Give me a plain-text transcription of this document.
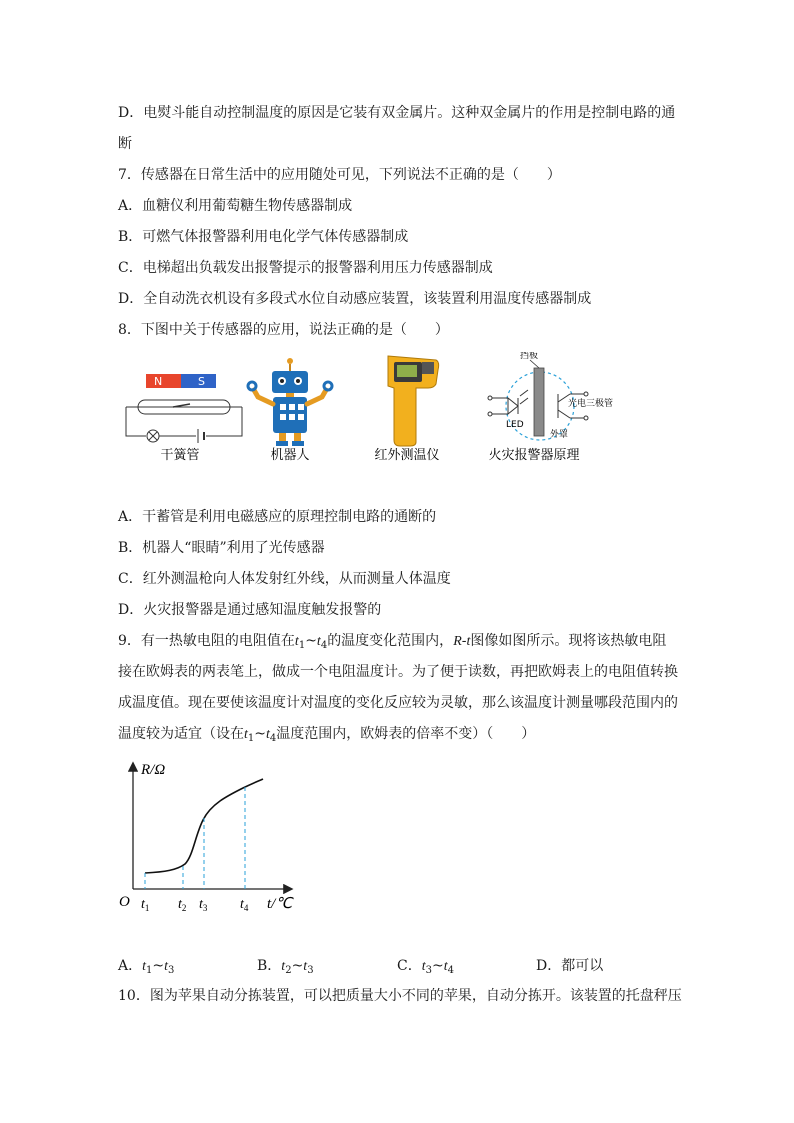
D．电熨斗能自动控制温度的原因是它装有双金属片。这种双金属片的作用是控制电路的通
断
7．传感器在日常生活中的应用随处可见，下列说法不正确的是（　　）
A．血糖仪利用葡萄糖生物传感器制成
B．可燃气体报警器利用电化学气体传感器制成
C．电梯超出负载发出报警提示的报警器利用压力传感器制成
D．全自动洗衣机设有多段式水位自动感应装置，该装置利用温度传感器制成
8．下图中关于传感器的应用，说法正确的是（　　）
N	S
干簧管	机器人	红外测温仪
挡板
LED
光电三极管
外罩
火灾报警器原理
A．干蓄管是利用电磁感应的原理控制电路的通断的
B．机器人“眼睛”利用了光传感器
C．红外测温枪向人体发射红外线，从而测量人体温度
D．火灾报警器是通过感知温度触发报警的
9．有一热敏电阻的电阻值在$t_1\sim t_4$的温度变化范围内，R-t图像如图所示。现将该热敏电阻
接在欧姆表的两表笔上，做成一个电阻温度计。为了便于读数，再把欧姆表上的电阻值转换
成温度值。现在要使该温度计对温度的变化反应较为灵敏，那么该温度计测量哪段范围内的
温度较为适宜（设在$t_1\sim t_4$温度范围内，欧姆表的倍率不变）（　　）
R/Ω
t/℃
O $t_1$ $t_2$ $t_3$ $t_4$
A．$t_1\sim t_3$	B．$t_2\sim t_3$	C．$t_3\sim t_4$	D．都可以
10．图为苹果自动分拣装置，可以把质量大小不同的苹果，自动分拣开。该装置的托盘秤压
